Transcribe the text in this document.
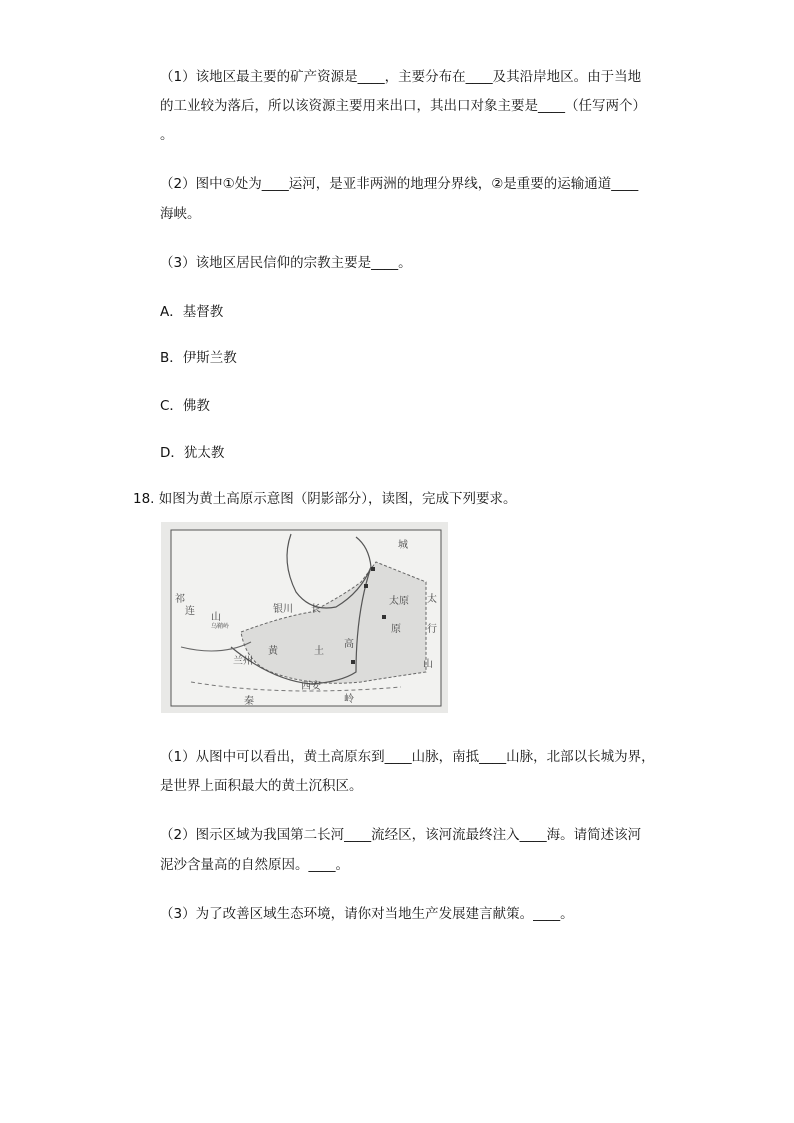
（1）该地区最主要的矿产资源是____，主要分布在____及其沿岸地区。由于当地
的工业较为落后，所以该资源主要用来出口，其出口对象主要是____（任写两个）
。
（2）图中①处为____运河，是亚非两洲的地理分界线，②是重要的运输通道____
海峡。
（3）该地区居民信仰的宗教主要是____。
A．基督教
B．伊斯兰教
C．佛教
D．犹太教
18. 如图为黄土高原示意图（阴影部分），读图，完成下列要求。
祁
连
山
乌鞘岭
银川 长
城
太原
黄	土
高
原
兰州
西安
秦	岭
太
行
山
（1）从图中可以看出，黄土高原东到____山脉，南抵____山脉，北部以长城为界，
是世界上面积最大的黄土沉积区。
（2）图示区域为我国第二长河____流经区，该河流最终注入____海。请简述该河
泥沙含量高的自然原因。____。
（3）为了改善区域生态环境，请你对当地生产发展建言献策。____。
